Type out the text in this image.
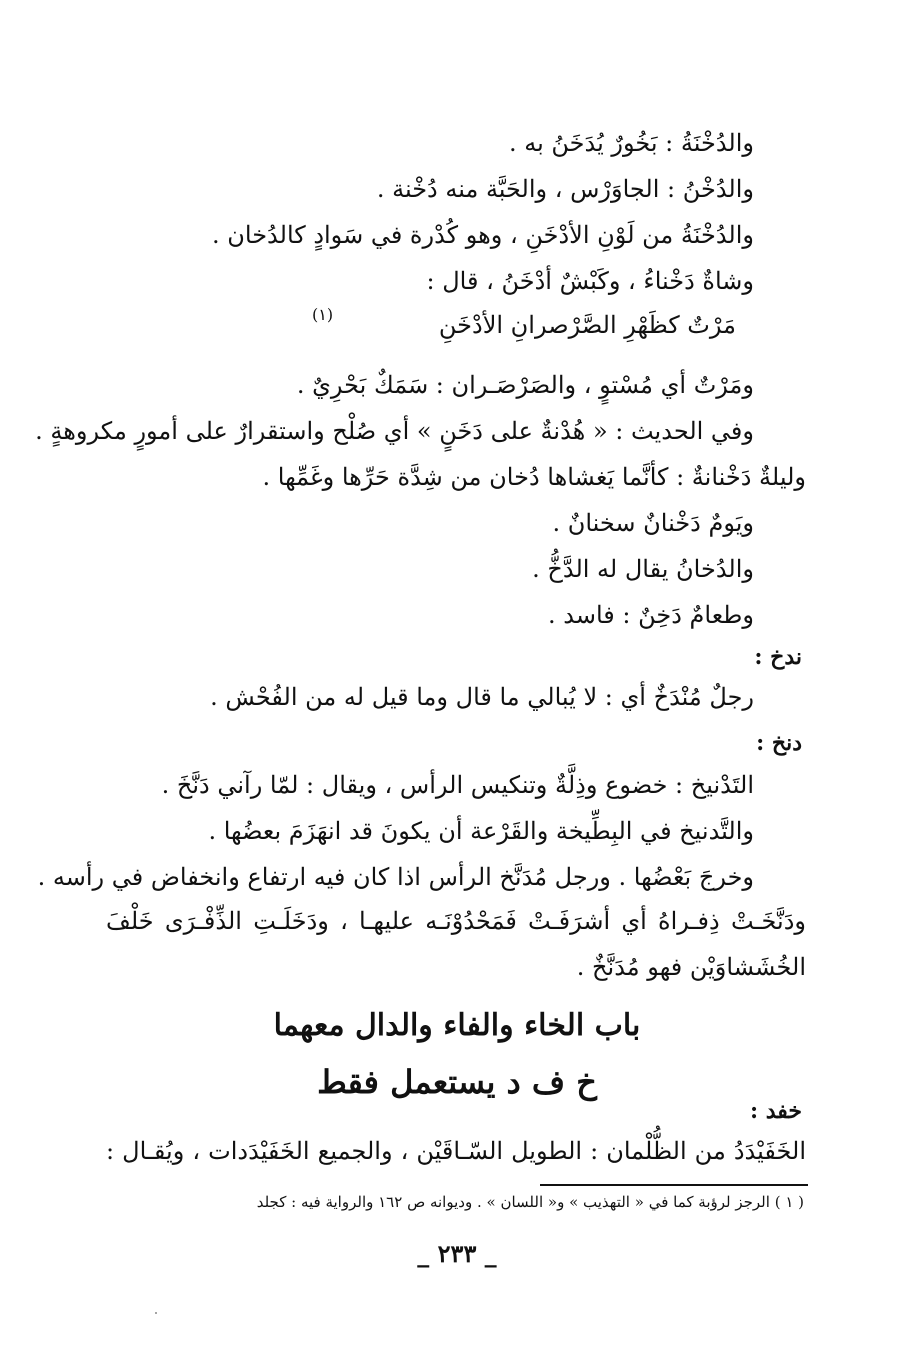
والدُخْنَةُ : بَخُورٌ يُدَخَنُ به .
والدُخْنُ : الجاوَرْس ، والحَبَّة منه دُخْنة .
والدُخْنَةُ من لَوْنِ الأدْخَنِ ، وهو كُدْرة في سَوادٍ كالدُخان .
وشاةٌ دَخْناءُ ، وكَبْشٌ أدْخَنُ ، قال :
مَرْتٌ كظَهْرِ الصَّرْصرانِ الأدْخَنِ
(١)
ومَرْتٌ أي مُسْتوٍ ، والصَرْصَـران : سَمَكٌ بَحْرِيٌ .
وفي الحديث : « هُدْنةٌ على دَخَنٍ » أي صُلْح واستقرارٌ على أمورٍ مكروهةٍ .
وليلةٌ دَخْنانةٌ : كأنَّما يَغشاها دُخان من شِدَّة حَرِّها وغَمِّها .
ويَومٌ دَخْنانٌ سخنانٌ .
والدُخانُ يقال له الدَّخُّ .
وطعامٌ دَخِنٌ : فاسد .
ندخ :
رجلٌ مُنْدَخٌ أي : لا يُبالي ما قال وما قيل له من الفُحْش .
دنخ :
التَدْنيخ : خضوع وذِلَّةٌ وتنكيس الرأس ، ويقال : لمّا رآني دَنَّخَ .
والتَّدنيخ في البِطِّيخة والقَرْعة أن يكونَ قد انهَزَمَ بعضُها .
وخرجَ بَعْضُها . ورجل مُدَنَّخ الرأس اذا كان فيه ارتفاع وانخفاض في رأسه .
ودَنَّخَـتْ ذِفـراهُ أي أشرَفَـتْ فَمَحْدُوْنَـه عليهـا ، ودَخَلَـتِ الذِّفْـرَى خَلْفَ
الخُشَشاوَيْن فهو مُدَنَّخٌ .
باب الخاء والفاء والدال معهما
خ ف د يستعمل فقط
خفد :
الخَفَيْدَدُ من الظُّلْمان : الطويل السّـاقَيْن ، والجميع الخَفَيْدَدات ، ويُقـال :
( ١ ) الرجز لرؤبة كما في « التهذيب » و« اللسان » . وديوانه ص ١٦٢ والرواية فيه : كجلد
_ ٢٣٣ _
